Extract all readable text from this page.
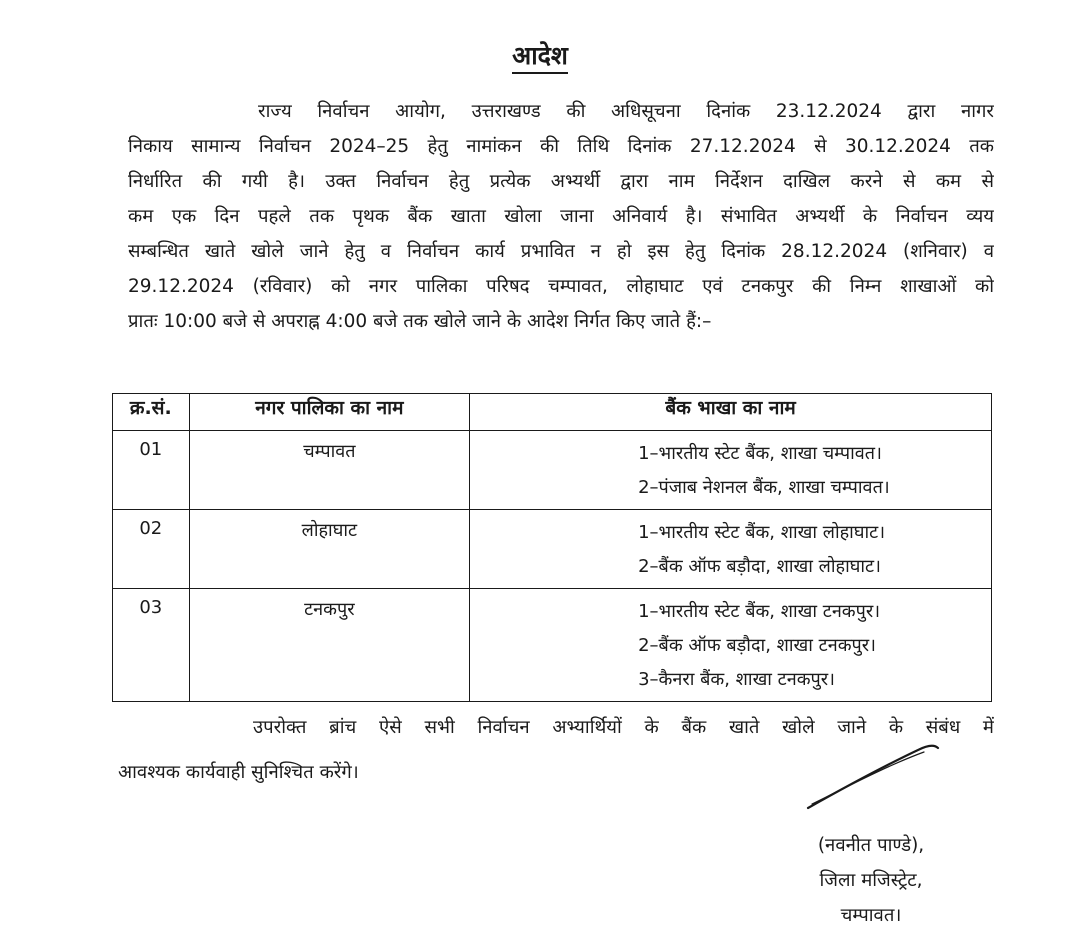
आदेश
राज्य निर्वाचन आयोग, उत्तराखण्ड की अधिसूचना दिनांक 23.12.2024 द्वारा नागर
निकाय सामान्य निर्वाचन 2024–25 हेतु नामांकन की तिथि दिनांक 27.12.2024 से 30.12.2024 तक
निर्धारित की गयी है। उक्त निर्वाचन हेतु प्रत्येक अभ्यर्थी द्वारा नाम निर्देशन दाखिल करने से कम से
कम एक दिन पहले तक पृथक बैंक खाता खोला जाना अनिवार्य है। संभावित अभ्यर्थी के निर्वाचन व्यय
सम्बन्धित खाते खोले जाने हेतु व निर्वाचन कार्य प्रभावित न हो इस हेतु दिनांक 28.12.2024 (शनिवार) व
29.12.2024 (रविवार) को नगर पालिका परिषद चम्पावत, लोहाघाट एवं टनकपुर की निम्न शाखाओं को
प्रातः 10:00 बजे से अपराह्न 4:00 बजे तक खोले जाने के आदेश निर्गत किए जाते हैं:–
क्र.सं.	नगर पालिका का नाम	बैंक भाखा का नाम
01	चम्पावत	1–भारतीय स्टेट बैंक, शाखा चम्पावत।
2–पंजाब नेशनल बैंक, शाखा चम्पावत।

02	लोहाघाट	1–भारतीय स्टेट बैंक, शाखा लोहाघाट।
2–बैंक ऑफ बड़ौदा, शाखा लोहाघाट।

03	टनकपुर	1–भारतीय स्टेट बैंक, शाखा टनकपुर।
2–बैंक ऑफ बड़ौदा, शाखा टनकपुर।
3–कैनरा बैंक, शाखा टनकपुर।
उपरोक्त ब्रांच ऐसे सभी निर्वाचन अभ्यार्थियों के बैंक खाते खोले जाने के संबंध में
आवश्यक कार्यवाही सुनिश्चित करेंगे।
(नवनीत पाण्डे),
जिला मजिस्ट्रेट,
चम्पावत।
